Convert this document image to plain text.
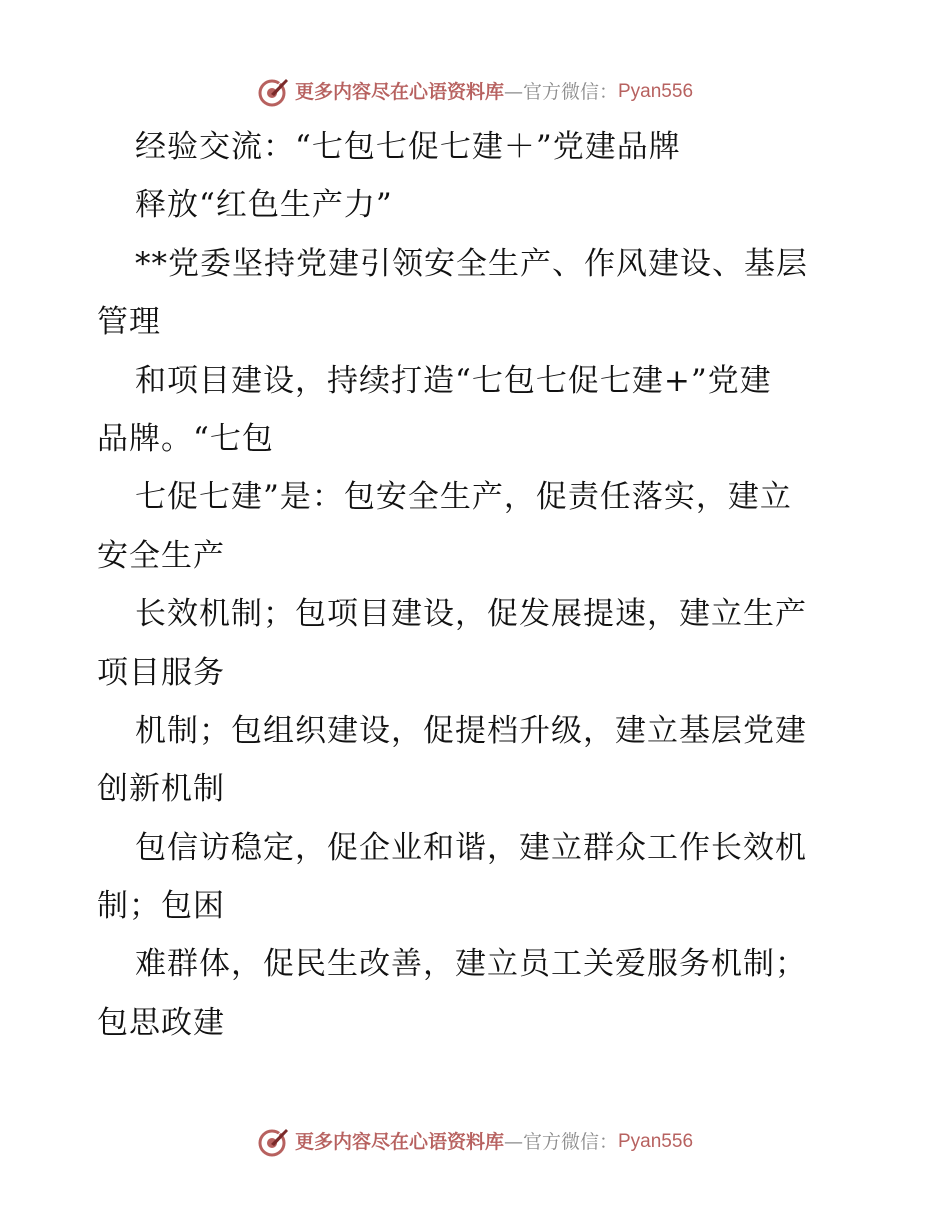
更多内容尽在心语资料库 —官方微信： Pyan556
经验交流：“七包七促七建＋”党建品牌
释放“红色生产力”
**党委坚持党建引领安全生产、作风建设、基层
管理
和项目建设，持续打造“七包七促七建+”党建
品牌。“七包
七促七建”是：包安全生产，促责任落实，建立
安全生产
长效机制；包项目建设，促发展提速，建立生产
项目服务
机制；包组织建设，促提档升级，建立基层党建
创新机制
包信访稳定，促企业和谐，建立群众工作长效机
制；包困
难群体，促民生改善，建立员工关爱服务机制；
包思政建
更多内容尽在心语资料库 —官方微信： Pyan556
